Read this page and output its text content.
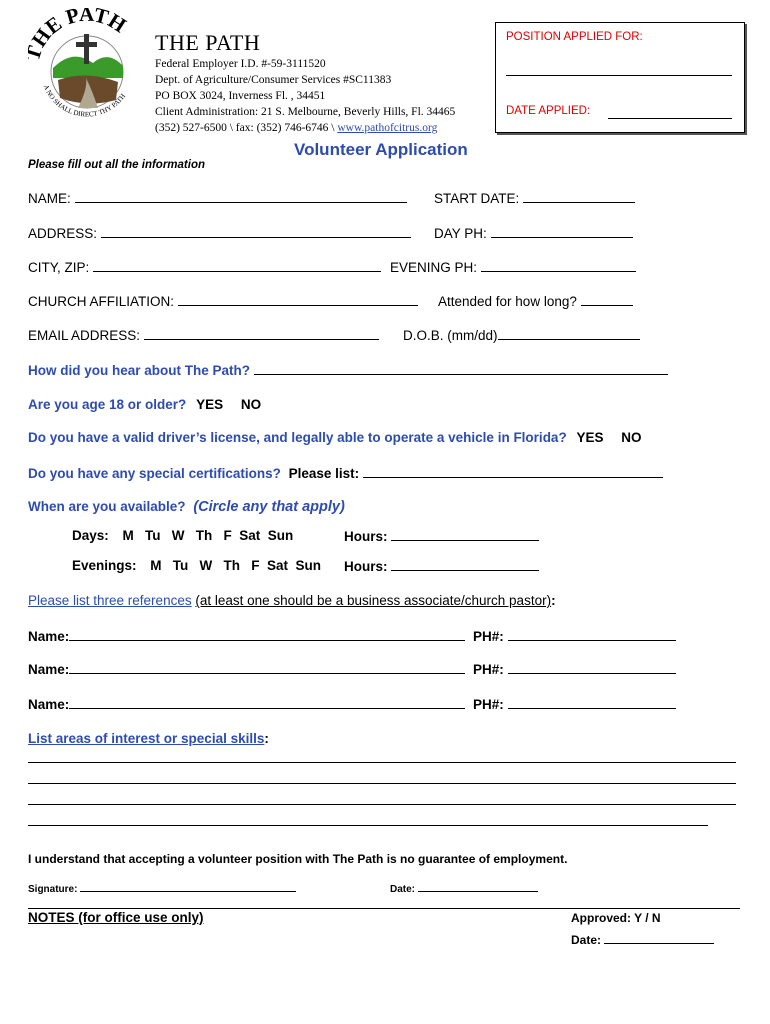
HE PATH
A NO SHALL DIRECT THY PATH
THE PATH
Federal Employer I.D. #-59-3111520
Dept. of Agriculture/Consumer Services #SC11383
PO BOX 3024, Inverness Fl. , 34451
Client Administration: 21 S. Melbourne, Beverly Hills, Fl. 34465
(352) 527-6500 \ fax: (352) 746-6746 \ www.pathofcitrus.org
POSITION APPLIED FOR:
DATE APPLIED:
Volunteer Application
Please fill out all the information
NAME:	START DATE:
ADDRESS:	DAY PH:
CITY, ZIP:	EVENING PH:
CHURCH AFFILIATION:	Attended for how long?
EMAIL ADDRESS:	D.O.B. (mm/dd)
How did you hear about The Path?
Are you age 18 or older? YES NO
Do you have a valid driver’s license, and legally able to operate a vehicle in Florida? YES NO
Do you have any special certifications? Please list:
When are you available? (Circle any that apply)
Days: M   Tu   W   Th   F  Sat  Sun	Hours:
Evenings: M   Tu   W   Th   F  Sat  Sun Hours:
Please list three references (at least one should be a business associate/church pastor):
Name:	PH#:
Name:	PH#:
Name:	PH#:
List areas of interest or special skills:
I understand that accepting a volunteer position with The Path is no guarantee of employment.
Signature:	Date:
NOTES (for office use only)	Approved: Y / N
Date:
